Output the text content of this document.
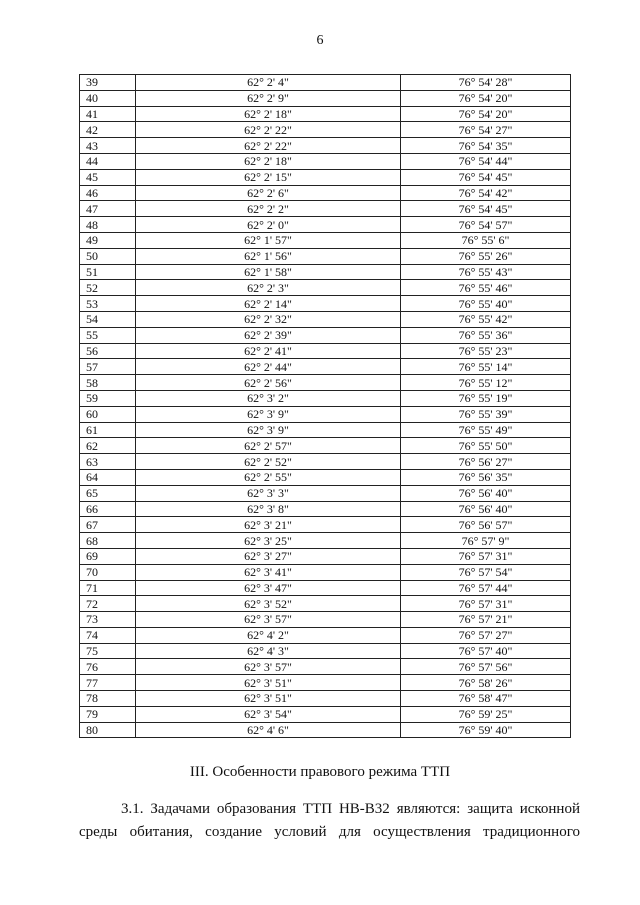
6
39	62° 2' 4"	76° 54' 28"
40	62° 2' 9"	76° 54' 20"
41	62° 2' 18"	76° 54' 20"
42	62° 2' 22"	76° 54' 27"
43	62° 2' 22"	76° 54' 35"
44	62° 2' 18"	76° 54' 44"
45	62° 2' 15"	76° 54' 45"
46	62° 2' 6"	76° 54' 42"
47	62° 2' 2"	76° 54' 45"
48	62° 2' 0"	76° 54' 57"
49	62° 1' 57"	76° 55' 6"
50	62° 1' 56"	76° 55' 26"
51	62° 1' 58"	76° 55' 43"
52	62° 2' 3"	76° 55' 46"
53	62° 2' 14"	76° 55' 40"
54	62° 2' 32"	76° 55' 42"
55	62° 2' 39"	76° 55' 36"
56	62° 2' 41"	76° 55' 23"
57	62° 2' 44"	76° 55' 14"
58	62° 2' 56"	76° 55' 12"
59	62° 3' 2"	76° 55' 19"
60	62° 3' 9"	76° 55' 39"
61	62° 3' 9"	76° 55' 49"
62	62° 2' 57"	76° 55' 50"
63	62° 2' 52"	76° 56' 27"
64	62° 2' 55"	76° 56' 35"
65	62° 3' 3"	76° 56' 40"
66	62° 3' 8"	76° 56' 40"
67	62° 3' 21"	76° 56' 57"
68	62° 3' 25"	76° 57' 9"
69	62° 3' 27"	76° 57' 31"
70	62° 3' 41"	76° 57' 54"
71	62° 3' 47"	76° 57' 44"
72	62° 3' 52"	76° 57' 31"
73	62° 3' 57"	76° 57' 21"
74	62° 4' 2"	76° 57' 27"
75	62° 4' 3"	76° 57' 40"
76	62° 3' 57"	76° 57' 56"
77	62° 3' 51"	76° 58' 26"
78	62° 3' 51"	76° 58' 47"
79	62° 3' 54"	76° 59' 25"
80	62° 4' 6"	76° 59' 40"
III. Особенности правового режима ТТП
3.1. Задачами образования ТТП НВ-В32 являются: защита исконной среды обитания, создание условий для осуществления традиционного
